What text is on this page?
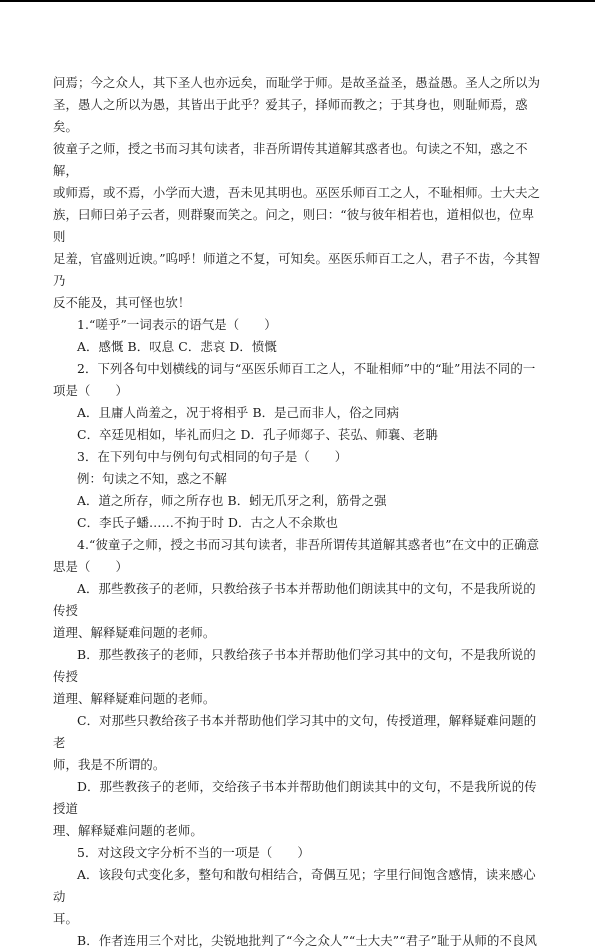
问焉；今之众人，其下圣人也亦远矣，而耻学于师。是故圣益圣，愚益愚。圣人之所以为

圣，愚人之所以为愚，其皆出于此乎？爱其子，择师而教之；于其身也，则耻师焉，惑矣。

彼童子之师，授之书而习其句读者，非吾所谓传其道解其惑者也。句读之不知，惑之不解，

或师焉，或不焉，小学而大遗，吾未见其明也。巫医乐师百工之人，不耻相师。士大夫之

族，曰师曰弟子云者，则群聚而笑之。问之，则曰：“彼与彼年相若也，道相似也，位卑则

足羞，官盛则近谀。”呜呼！师道之不复，可知矣。巫医乐师百工之人，君子不齿，今其智乃

反不能及，其可怪也欤！

1.“嗟乎”一词表示的语气是（　　）

A．感慨 B．叹息 C．悲哀 D．愤慨

2．下列各句中划横线的词与“巫医乐师百工之人，不耻相师”中的“耻”用法不同的一

项是（　　）

A．且庸人尚羞之，况于将相乎 B．是己而非人，俗之同病

C．卒廷见相如，毕礼而归之 D．孔子师郯子、苌弘、师襄、老聃

3．在下列句中与例句句式相同的句子是（　　）

例：句读之不知，惑之不解

A．道之所存，师之所存也 B．蚓无爪牙之利，筋骨之强

C．李氏子蟠……不拘于时 D．古之人不余欺也

4.“彼童子之师，授之书而习其句读者，非吾所谓传其道解其惑者也”在文中的正确意

思是（　　）

A．那些教孩子的老师，只教给孩子书本并帮助他们朗读其中的文句，不是我所说的传授

道理、解释疑难问题的老师。

B．那些教孩子的老师，只教给孩子书本并帮助他们学习其中的文句，不是我所说的传授

道理、解释疑难问题的老师。

C．对那些只教给孩子书本并帮助他们学习其中的文句，传授道理，解释疑难问题的老

师，我是不所谓的。

D．那些教孩子的老师，交给孩子书本并帮助他们朗读其中的文句，不是我所说的传授道

理、解释疑难问题的老师。

5．对这段文字分析不当的一项是（　　）

A．该段句式变化多，整句和散句相结合，奇偶互见；字里行间饱含感情，读来感心动

耳。

B．作者连用三个对比，尖锐地批判了“今之众人”“士大夫”“君子”耻于从师的不良风
